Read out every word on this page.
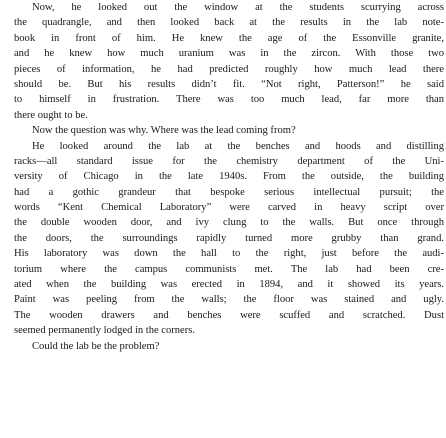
Now, he looked out the window at the students scurrying across
the quadrangle, and then looked back at the results in the lab note-
book in front of him. He knew the age of the Essonville granite,
and he knew how much uranium was in the zircon. With those two
pieces of information, he had predicted roughly how much lead there
should be. But his results didn’t fit. “Not right, Patterson!” he said
to himself in frustration. There was too much lead, far more than
there ought to be.
Now the question was why. Where was the lead coming from?
He looked around the lab at the benches and hoods and distilling
racks—all standard issue for the chemistry department of the Uni-
versity of Chicago in the late 1940s. From the outside, the building
had a gothic grandeur that bespoke serious intellectual pursuit; the
words “Kent Chemical Laboratory” were carved in heavy script over
the double wooden door, and ivy clung to the walls. But once through
the doors, the surroundings rapidly turned more grubby than grand.
His laboratory was down the hall to the right, just before the audi-
torium where the campus communists met. The lab had been cre-
ated when the building was erected in 1894, and it showed its years.
Paint was peeling from the walls; the floor was stained and ugly.
The wooden drawers and benches were scuffed and scratched. Dust
seemed permanently lodged in the corners.
Could the lab be the problem?
